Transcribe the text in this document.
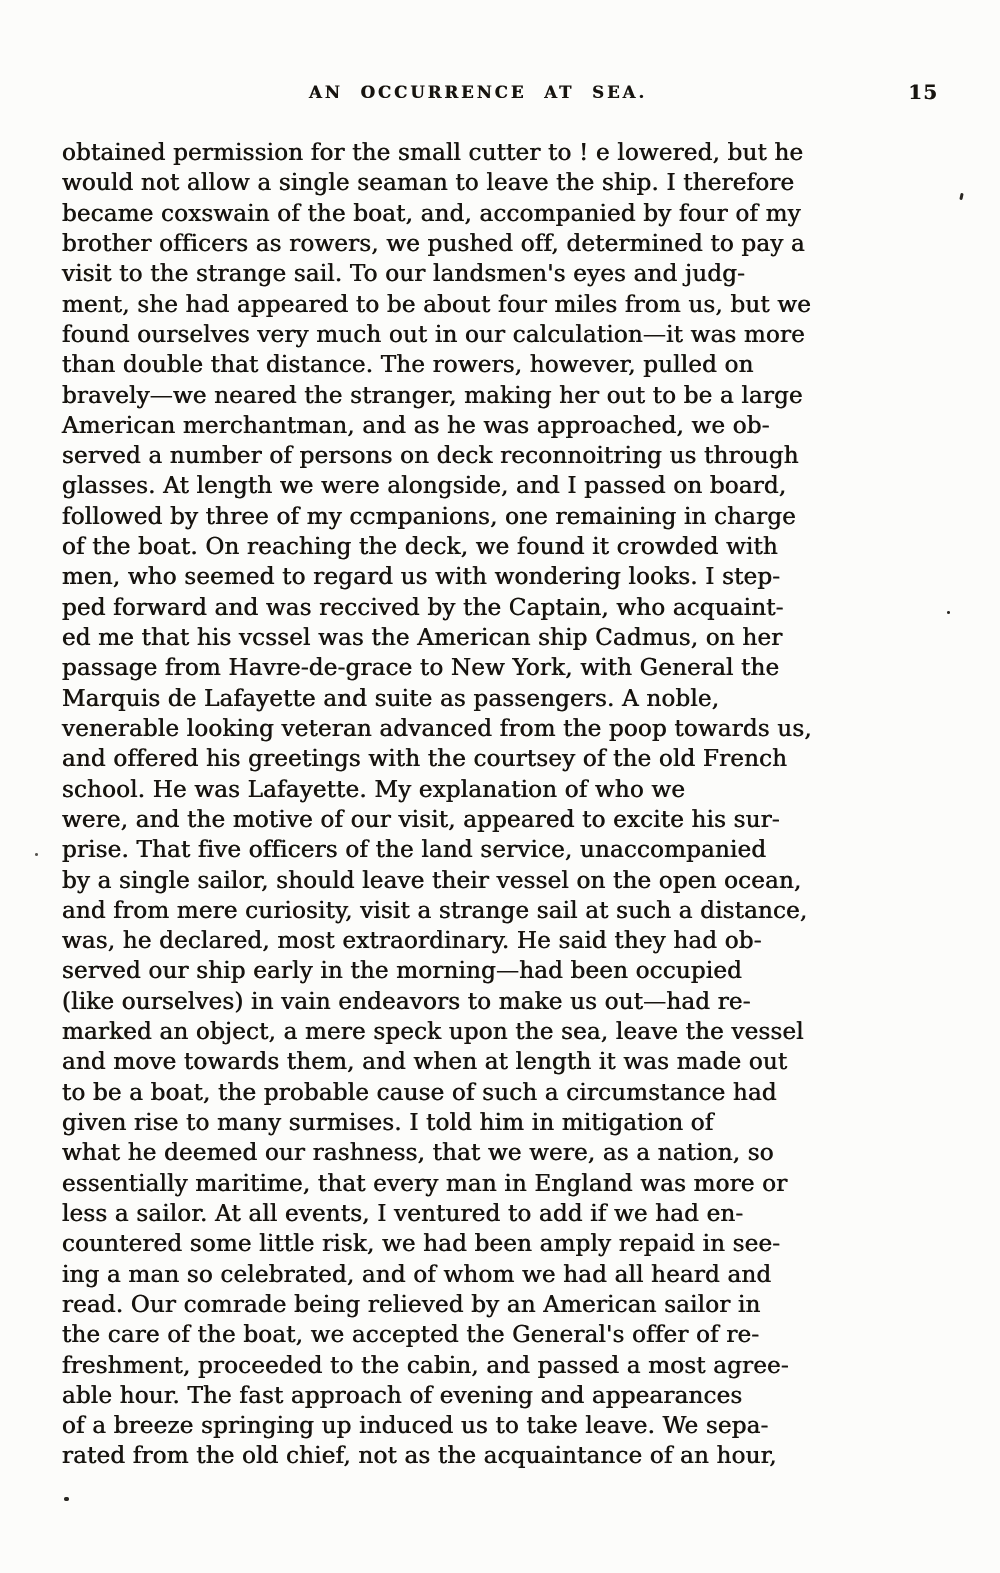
AN OCCURRENCE AT SEA.	15
obtained permission for the small cutter to ! e lowered, but he
would not allow a single seaman to leave the ship. I therefore
became coxswain of the boat, and, accompanied by four of my
brother officers as rowers, we pushed off, determined to pay a
visit to the strange sail. To our landsmen's eyes and judg-
ment, she had appeared to be about four miles from us, but we
found ourselves very much out in our calculation—it was more
than double that distance. The rowers, however, pulled on
bravely—we neared the stranger, making her out to be a large
American merchantman, and as he was approached, we ob-
served a number of persons on deck reconnoitring us through
glasses. At length we were alongside, and I passed on board,
followed by three of my ccmpanions, one remaining in charge
of the boat. On reaching the deck, we found it crowded with
men, who seemed to regard us with wondering looks. I step-
ped forward and was reccived by the Captain, who acquaint-
ed me that his vcssel was the American ship Cadmus, on her
passage from Havre-de-grace to New York, with General the
Marquis de Lafayette and suite as passengers. A noble,
venerable looking veteran advanced from the poop towards us,
and offered his greetings with the courtsey of the old French
school. He was Lafayette. My explanation of who we
were, and the motive of our visit, appeared to excite his sur-
prise. That five officers of the land service, unaccompanied
by a single sailor, should leave their vessel on the open ocean,
and from mere curiosity, visit a strange sail at such a distance,
was, he declared, most extraordinary. He said they had ob-
served our ship early in the morning—had been occupied
(like ourselves) in vain endeavors to make us out—had re-
marked an object, a mere speck upon the sea, leave the vessel
and move towards them, and when at length it was made out
to be a boat, the probable cause of such a circumstance had
given rise to many surmises. I told him in mitigation of
what he deemed our rashness, that we were, as a nation, so
essentially maritime, that every man in England was more or
less a sailor. At all events, I ventured to add if we had en-
countered some little risk, we had been amply repaid in see-
ing a man so celebrated, and of whom we had all heard and
read. Our comrade being relieved by an American sailor in
the care of the boat, we accepted the General's offer of re-
freshment, proceeded to the cabin, and passed a most agree-
able hour. The fast approach of evening and appearances
of a breeze springing up induced us to take leave. We sepa-
rated from the old chief, not as the acquaintance of an hour,
